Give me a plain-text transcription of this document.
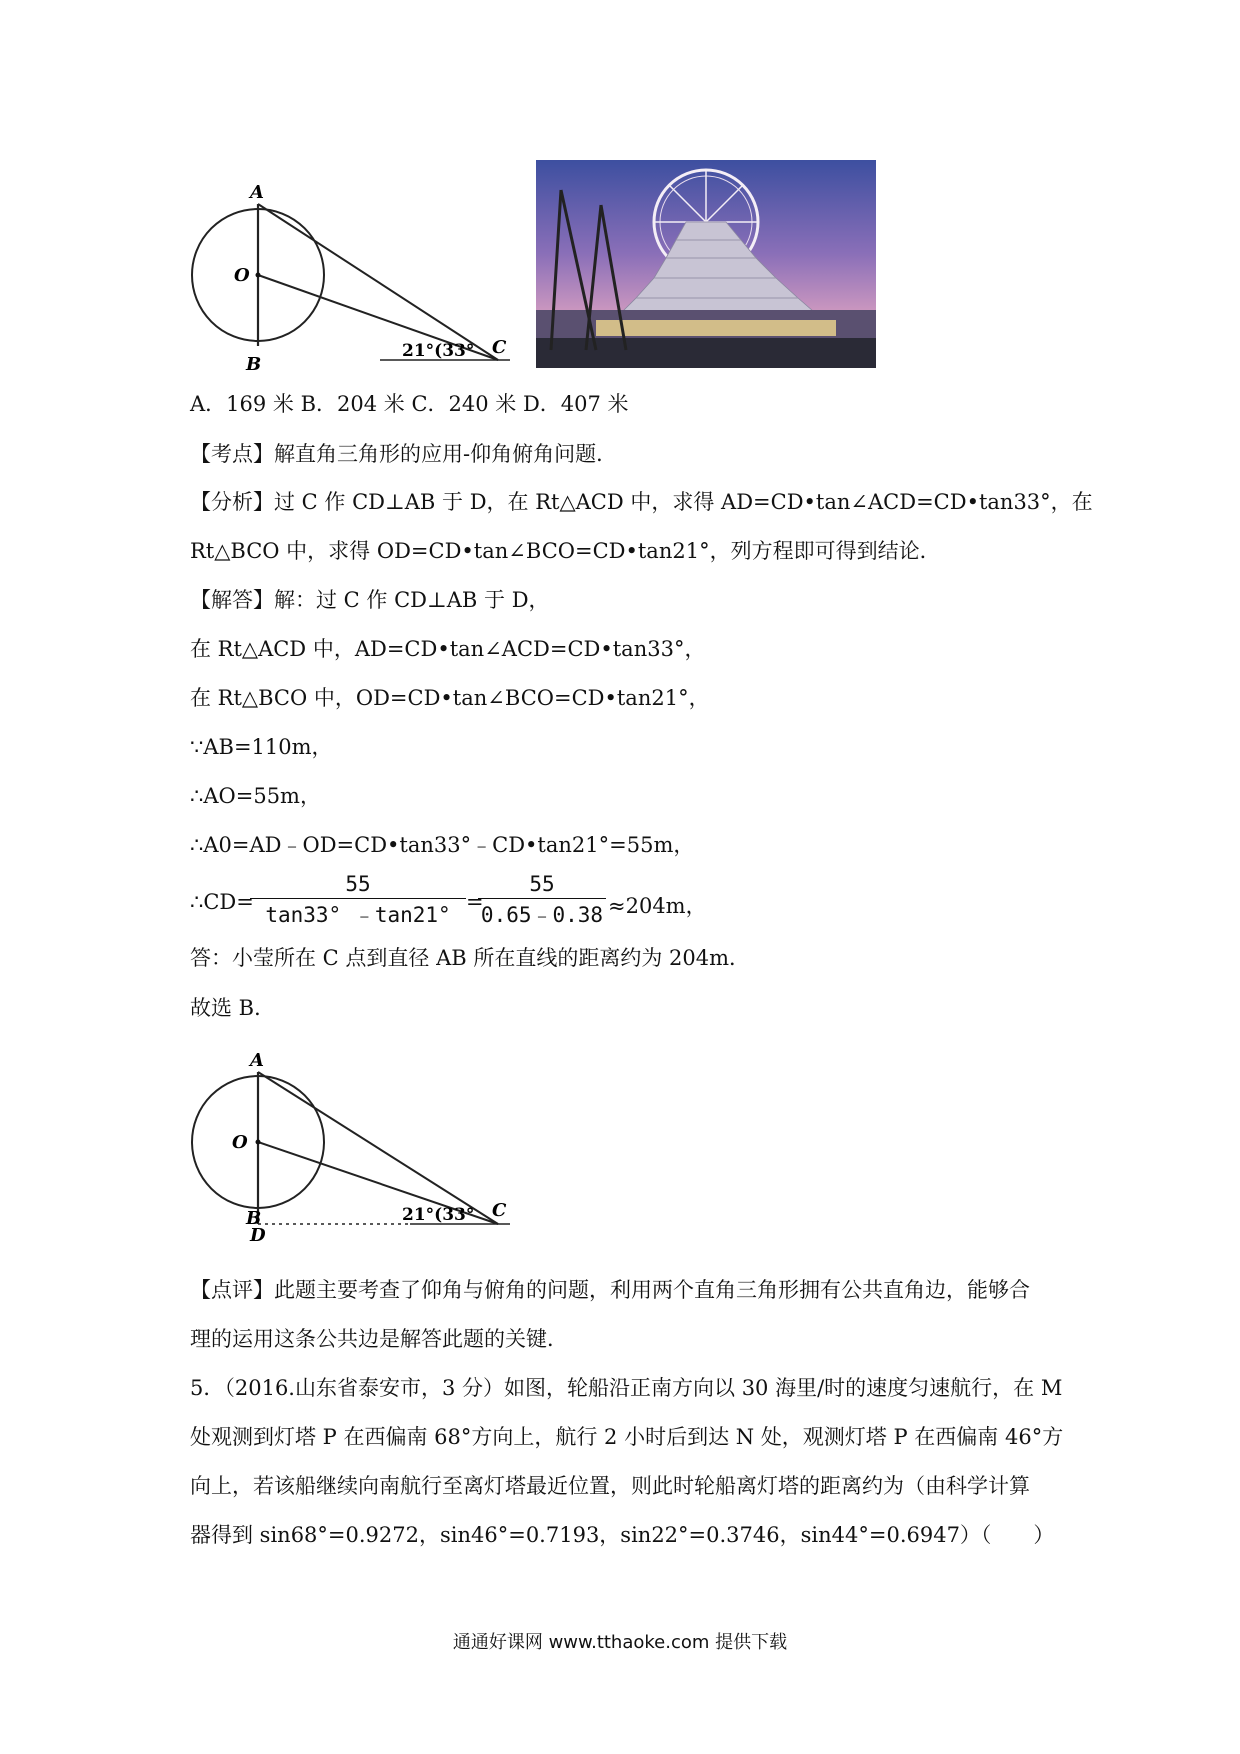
A
O
B
C
21°(33°
A．169 米 B．204 米 C．240 米 D．407 米
【考点】解直角三角形的应用-仰角俯角问题．
【分析】过 C 作 CD⊥AB 于 D，在 Rt△ACD 中，求得 AD=CD•tan∠ACD=CD•tan33°，在
Rt△BCO 中，求得 OD=CD•tan∠BCO=CD•tan21°，列方程即可得到结论．
【解答】解：过 C 作 CD⊥AB 于 D，
在 Rt△ACD 中，AD=CD•tan∠ACD=CD•tan33°，
在 Rt△BCO 中，OD=CD•tan∠BCO=CD•tan21°，
∵AB=110m，
∴AO=55m，
∴A0=AD﹣OD=CD•tan33°﹣CD•tan21°=55m，
∴CD=
55
tan33° ﹣tan21°
=
55
0.65﹣0.38 ≈204m，
答：小莹所在 C 点到直径 AB 所在直线的距离约为 204m．
故选 B．
A
O
B
D
C
21°(33°
【点评】此题主要考查了仰角与俯角的问题，利用两个直角三角形拥有公共直角边，能够合
理的运用这条公共边是解答此题的关键．
5．（2016.山东省泰安市，3 分）如图，轮船沿正南方向以 30 海里/时的速度匀速航行，在 M
处观测到灯塔 P 在西偏南 68°方向上，航行 2 小时后到达 N 处，观测灯塔 P 在西偏南 46°方
向上，若该船继续向南航行至离灯塔最近位置，则此时轮船离灯塔的距离约为（由科学计算
器得到 sin68°=0.9272，sin46°=0.7193，sin22°=0.3746，sin44°=0.6947）（　　）
通通好课网 www.tthaoke.com 提供下载
